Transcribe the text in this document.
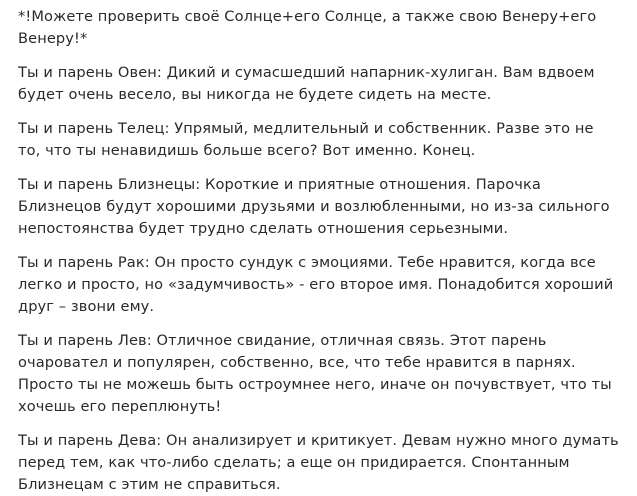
*!Можете проверить своё Солнце+его Солнце, а также свою Венеру+его
Венеру!*

Ты и парень Овен: Дикий и сумасшедший напарник-хулиган. Вам вдвоем
будет очень весело, вы никогда не будете сидеть на месте.

Ты и парень Телец: Упрямый, медлительный и собственник. Разве это не
то, что ты ненавидишь больше всего? Вот именно. Конец.

Ты и парень Близнецы: Короткие и приятные отношения. Парочка
Близнецов будут хорошими друзьями и возлюбленными, но из-за сильного
непостоянства будет трудно сделать отношения серьезными.

Ты и парень Рак: Он просто сундук с эмоциями. Тебе нравится, когда все
легко и просто, но «задумчивость» - его второе имя. Понадобится хороший
друг – звони ему.

Ты и парень Лев: Отличное свидание, отличная связь. Этот парень
очаровател и популярен, собственно, все, что тебе нравится в парнях.
Просто ты не можешь быть остроумнее него, иначе он почувствует, что ты
хочешь его переплюнуть!

Ты и парень Дева: Он анализирует и критикует. Девам нужно много думать
перед тем, как что-либо сделать; а еще он придирается. Спонтанным
Близнецам с этим не справиться.
